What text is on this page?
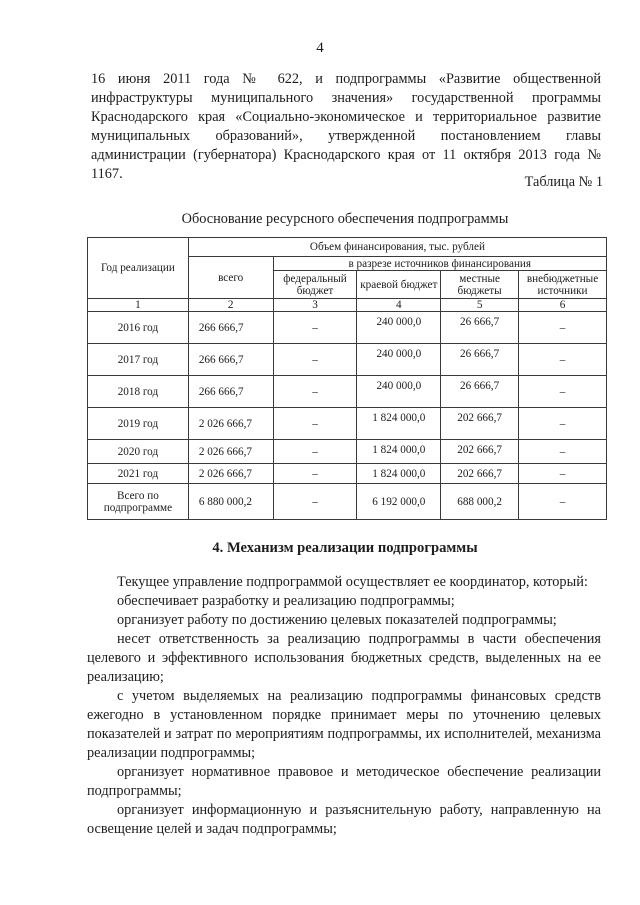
4

16 июня 2011 года № 622, и подпрограммы «Развитие общественной инфраструктуры муниципального значения» государственной программы Краснодарского края «Социально-экономическое и территориальное развитие муниципальных образований», утвержденной постановлением главы администрации (губернатора) Краснодарского края от 11 октября 2013 года № 1167.	Таблица № 1
Обоснование ресурсного обеспечения подпрограммы
Год реализации	Объем финансирования, тыс. рублей				
	всего	в разрезе источников финансирования			
		федеральный бюджет	краевой бюджет	местные бюджеты	внебюджетные источники
1	2	3	4	5	6
2016 год	266 666,7	–	240 000,0	26 666,7	–
2017 год	266 666,7	–	240 000,0	26 666,7	–
2018 год	266 666,7	–	240 000,0	26 666,7	–
2019 год	2 026 666,7	–	1 824 000,0	202 666,7	–
2020 год	2 026 666,7	–	1 824 000,0	202 666,7	–
2021 год	2 026 666,7	–	1 824 000,0	202 666,7	–
Всего по подпрограмме	6 880 000,2	–	6 192 000,0	688 000,2	–
4. Механизм реализации подпрограммы

Текущее управление подпрограммой осуществляет ее координатор, который:

обеспечивает разработку и реализацию подпрограммы;

организует работу по достижению целевых показателей подпрограммы;

несет ответственность за реализацию подпрограммы в части обеспечения целевого и эффективного использования бюджетных средств, выделенных на ее реализацию;

с учетом выделяемых на реализацию подпрограммы финансовых средств ежегодно в установленном порядке принимает меры по уточнению целевых показателей и затрат по мероприятиям подпрограммы, их исполнителей, механизма реализации подпрограммы;

организует нормативное правовое и методическое обеспечение реализации подпрограммы;

организует информационную и разъяснительную работу, направленную на освещение целей и задач подпрограммы;
